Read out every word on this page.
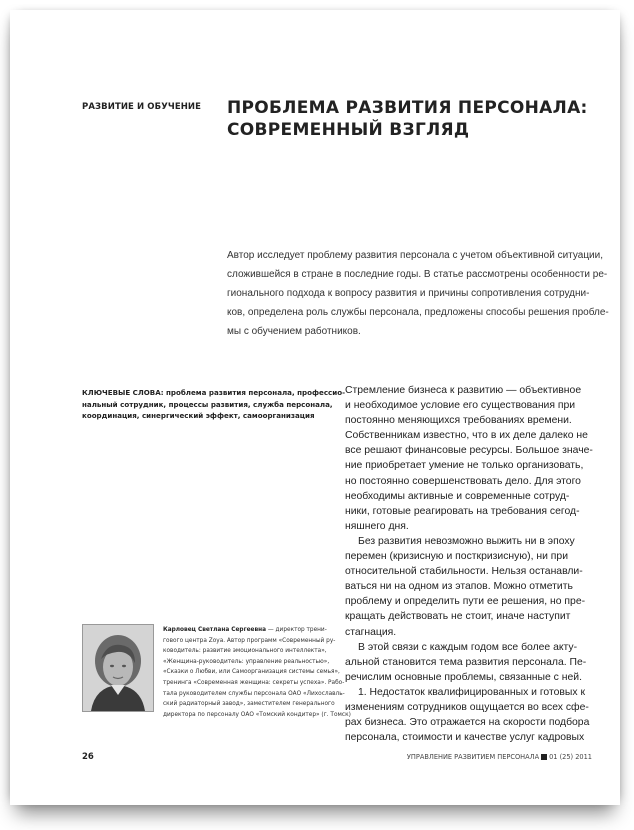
РАЗВИТИЕ И ОБУЧЕНИЕ ПРОБЛЕМА РАЗВИТИЯ ПЕРСОНАЛА:
СОВРЕМЕННЫЙ ВЗГЛЯД
Автор исследует проблему развития персонала с учетом объективной ситуации,
сложившейся в стране в последние годы. В статье рассмотрены особенности ре-
гионального подхода к вопросу развития и причины сопротивления сотрудни-
ков, определена роль службы персонала, предложены способы решения пробле-
мы с обучением работников.
КЛЮЧЕВЫЕ СЛОВА: проблема развития персонала, профессио-
нальный сотрудник, процессы развития, служба персонала,
координация, синергический эффект, самоорганизация
Стремление бизнеса к развитию — объективное
и необходимое условие его существования при
постоянно меняющихся требованиях времени.
Собственникам известно, что в их деле далеко не
все решают финансовые ресурсы. Большое значе-
ние приобретает умение не только организовать,
но постоянно совершенствовать дело. Для этого
необходимы активные и современные сотруд-
ники, готовые реагировать на требования сегод-
няшнего дня.
Без развития невозможно выжить ни в эпоху
перемен (кризисную и посткризисную), ни при
относительной стабильности. Нельзя останавли-
ваться ни на одном из этапов. Можно отметить
проблему и определить пути ее решения, но пре-
кращать действовать не стоит, иначе наступит
стагнация.
В этой связи с каждым годом все более акту-
альной становится тема развития персонала. Пе-
речислим основные проблемы, связанные с ней.
1. Недостаток квалифицированных и готовых к
изменениям сотрудников ощущается во всех сфе-
рах бизнеса. Это отражается на скорости подбора
персонала, стоимости и качестве услуг кадровых
Карловец Светлана Сергеевна — директор трени-
гового центра Zoya. Автор программ «Современный ру-
ководитель: развитие эмоционального интеллекта»,
«Женщина-руководитель: управление реальностью»,
«Сказки о Любви, или Самоорганизация системы семья»,
тренинга «Современная женщина: секреты успеха». Рабо-
тала руководителем службы персонала ОАО «Лихославль-
ский радиаторный завод», заместителем генерального
директора по персоналу ОАО «Томский кондитер» (г. Томск)
26	УПРАВЛЕНИЕ РАЗВИТИЕМ ПЕРСОНАЛА 01 (25) 2011
